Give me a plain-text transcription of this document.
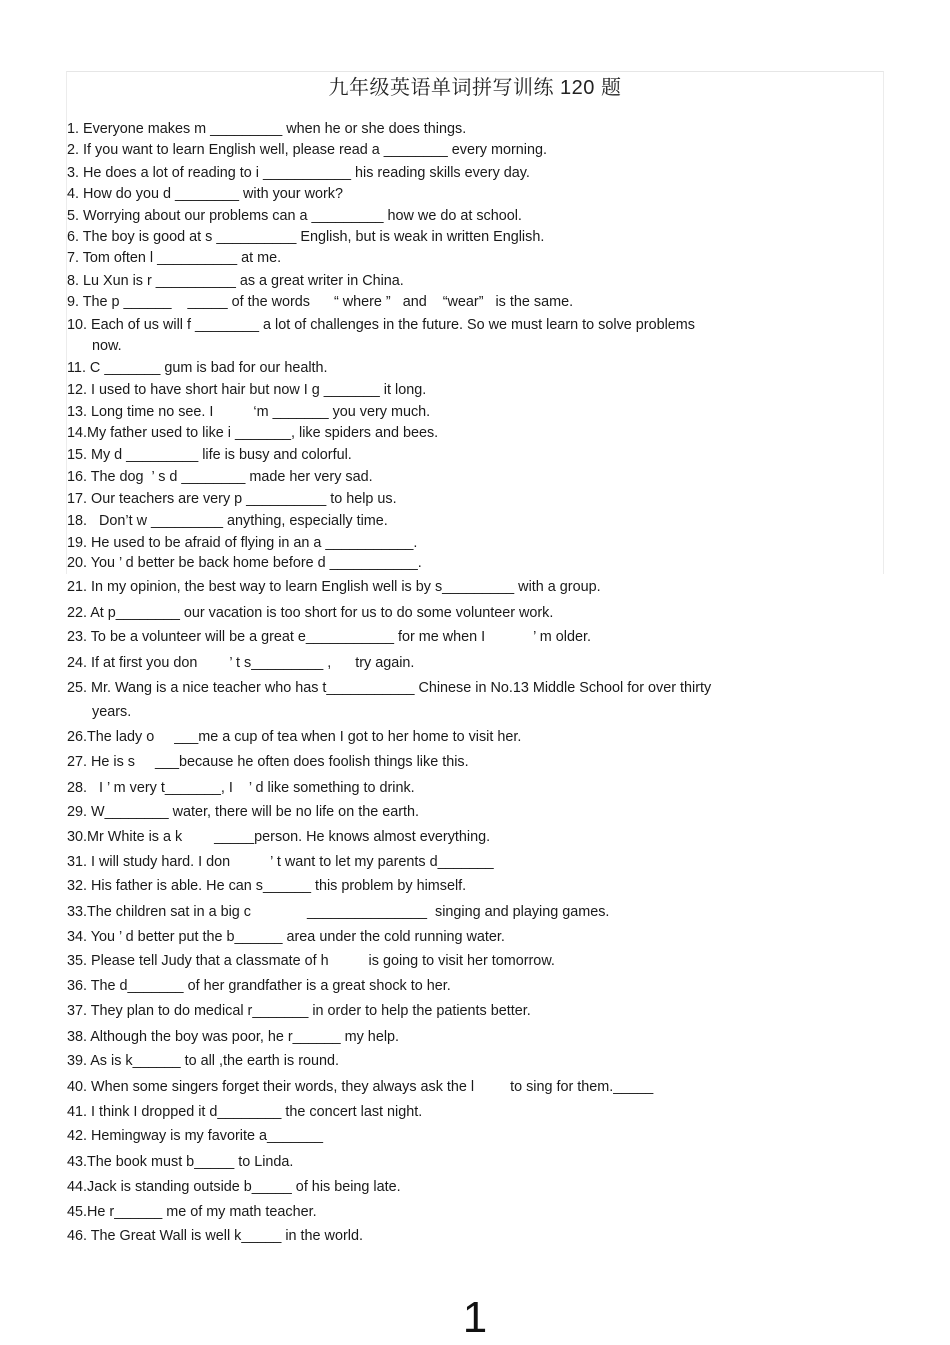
九年级英语单词拼写训练 120 题
1. Everyone makes m _________ when he or she does things.
2. If you want to learn English well, please read a ________ every morning.
3. He does a lot of reading to i ___________ his reading skills every day.
4. How do you d ________ with your work?
5. Worrying about our problems can a _________ how we do at school.
6. The boy is good at s __________ English, but is weak in written English.
7. Tom often l __________ at me.
8. Lu Xun is r __________ as a great writer in China.
9. The p ______    _____ of the words      “ where ”   and    “wear”   is the same.
10. Each of us will f ________ a lot of challenges in the future. So we must learn to solve problems
now.
11. C _______ gum is bad for our health.
12. I used to have short hair but now I g _______ it long.
13. Long time no see. I          ‘m _______ you very much.
14.My father used to like i _______, like spiders and bees.
15. My d _________ life is busy and colorful.
16. The dog  ’ s d ________ made her very sad.
17. Our teachers are very p __________ to help us.
18.   Don’t w _________ anything, especially time.
19. He used to be afraid of flying in an a ___________.
20. You ’ d better be back home before d ___________.
21. In my opinion, the best way to learn English well is by s_________ with a group.
22. At p________ our vacation is too short for us to do some volunteer work.
23. To be a volunteer will be a great e___________ for me when I            ’ m older.
24. If at first you don        ’ t s_________ ,      try again.
25. Mr. Wang is a nice teacher who has t___________ Chinese in No.13 Middle School for over thirty
years.
26.The lady o     ___me a cup of tea when I got to her home to visit her.
27. He is s     ___because he often does foolish things like this.
28.   I ’ m very t_______, I    ’ d like something to drink.
29. W________ water, there will be no life on the earth.
30.Mr White is a k        _____person. He knows almost everything.
31. I will study hard. I don          ’ t want to let my parents d_______
32. His father is able. He can s______ this problem by himself.
33.The children sat in a big c              _______________  singing and playing games.
34. You ’ d better put the b______ area under the cold running water.
35. Please tell Judy that a classmate of h          is going to visit her tomorrow.
36. The d_______ of her grandfather is a great shock to her.
37. They plan to do medical r_______ in order to help the patients better.
38. Although the boy was poor, he r______ my help.
39. As is k______ to all ,the earth is round.
40. When some singers forget their words, they always ask the l         to sing for them._____
41. I think I dropped it d________ the concert last night.
42. Hemingway is my favorite a_______
43.The book must b_____ to Linda.
44.Jack is standing outside b_____ of his being late.
45.He r______ me of my math teacher.
46. The Great Wall is well k_____ in the world.
1
